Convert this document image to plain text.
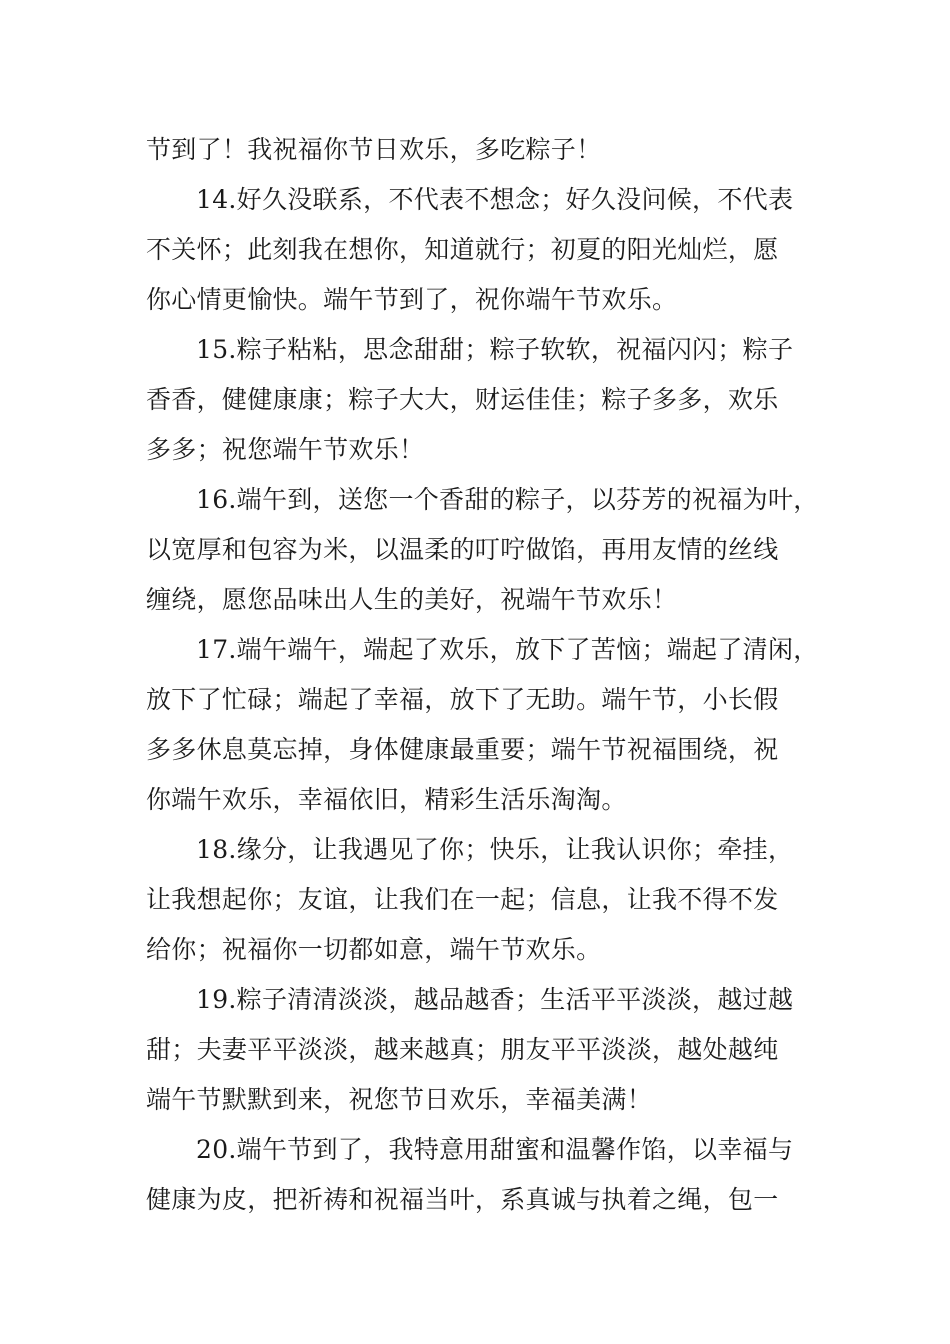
节到了！我祝福你节日欢乐，多吃粽子！
14.好久没联系，不代表不想念；好久没问候，不代表
不关怀；此刻我在想你，知道就行；初夏的阳光灿烂，愿
你心情更愉快。端午节到了，祝你端午节欢乐。
15.粽子粘粘，思念甜甜；粽子软软，祝福闪闪；粽子
香香，健健康康；粽子大大，财运佳佳；粽子多多，欢乐
多多；祝您端午节欢乐！
16.端午到，送您一个香甜的粽子，以芬芳的祝福为叶，
以宽厚和包容为米，以温柔的叮咛做馅，再用友情的丝线
缠绕，愿您品味出人生的美好，祝端午节欢乐！
17.端午端午，端起了欢乐，放下了苦恼；端起了清闲，
放下了忙碌；端起了幸福，放下了无助。端午节，小长假
多多休息莫忘掉，身体健康最重要；端午节祝福围绕，祝
你端午欢乐，幸福依旧，精彩生活乐淘淘。
18.缘分，让我遇见了你；快乐，让我认识你；牵挂，
让我想起你；友谊，让我们在一起；信息，让我不得不发
给你；祝福你一切都如意，端午节欢乐。
19.粽子清清淡淡，越品越香；生活平平淡淡，越过越
甜；夫妻平平淡淡，越来越真；朋友平平淡淡，越处越纯
端午节默默到来，祝您节日欢乐，幸福美满！
20.端午节到了，我特意用甜蜜和温馨作馅，以幸福与
健康为皮，把祈祷和祝福当叶，系真诚与执着之绳，包一
